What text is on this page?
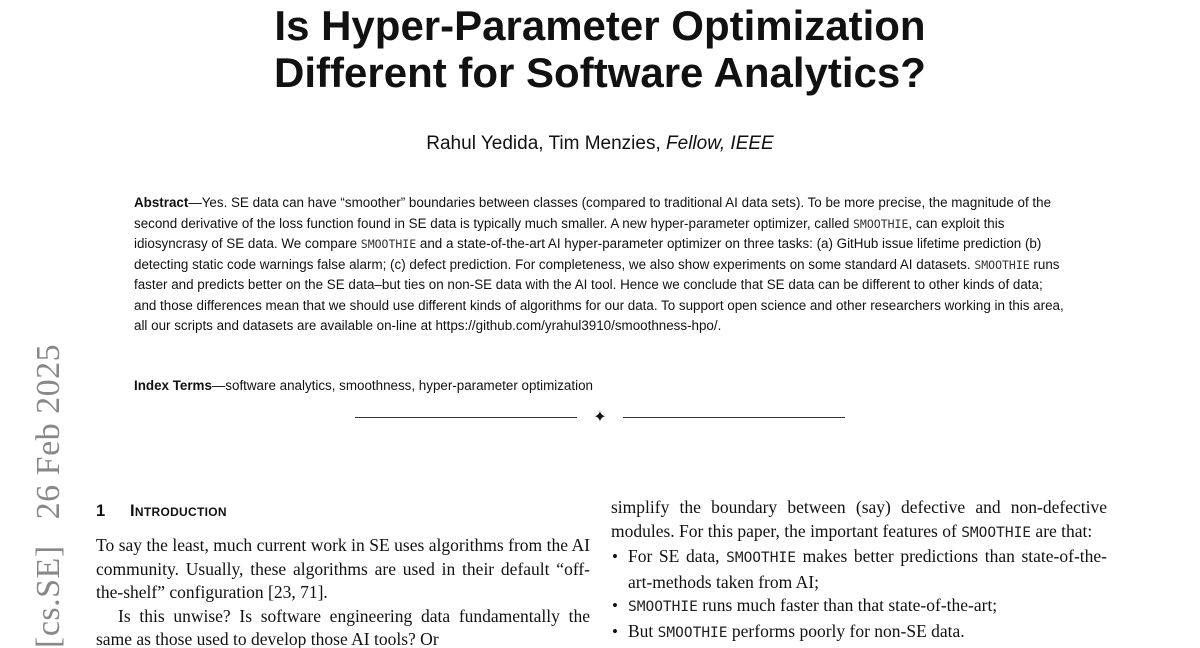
[cs.SE]26 Feb 2025
Is Hyper-Parameter Optimization
Different for Software Analytics?
Rahul Yedida, Tim Menzies, Fellow, IEEE
Abstract—Yes. SE data can have “smoother” boundaries between classes (compared to traditional AI data sets). To be more precise, the magnitude of the second derivative of the loss function found in SE data is typically much smaller. A new hyper-parameter optimizer, called SMOOTHIE, can exploit this idiosyncrasy of SE data. We compare SMOOTHIE and a state-of-the-art AI hyper-parameter optimizer on three tasks: (a) GitHub issue lifetime prediction (b) detecting static code warnings false alarm; (c) defect prediction. For completeness, we also show experiments on some standard AI datasets. SMOOTHIE runs faster and predicts better on the SE data–but ties on non-SE data with the AI tool. Hence we conclude that SE data can be different to other kinds of data; and those differences mean that we should use different kinds of algorithms for our data. To support open science and other researchers working in this area, all our scripts and datasets are available on-line at https://github.com/yrahul3910/smoothness-hpo/.
Index Terms—software analytics, smoothness, hyper-parameter optimization
✦
1 Introduction

To say the least, much current work in SE uses algorithms from the AI community. Usually, these algorithms are used in their default “off-the-shelf” configuration [23, 71].

Is this unwise? Is software engineering data fundamentally the same as those used to develop those AI tools? Or

simplify the boundary between (say) defective and non-defective modules. For this paper, the important features of SMOOTHIE are that:

• For SE data, SMOOTHIE makes better predictions than state-of-the-art-methods taken from AI;
• SMOOTHIE runs much faster than that state-of-the-art;
• But SMOOTHIE performs poorly for non-SE data.
